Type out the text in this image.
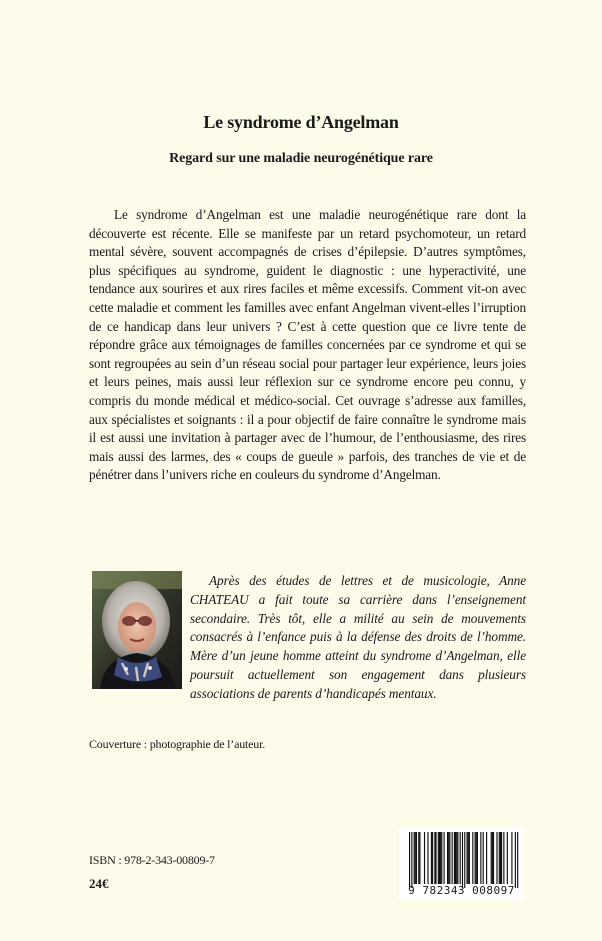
Le syndrome d’Angelman
Regard sur une maladie neurogénétique rare

Le syndrome d’Angelman est une maladie neurogénétique rare dont la découverte est récente. Elle se manifeste par un retard psychomoteur, un retard mental sévère, souvent accompagnés de crises d’épilepsie. D’autres symptômes, plus spécifiques au syndrome, guident le diagnostic : une hyperactivité, une tendance aux sourires et aux rires faciles et même excessifs. Comment vit-on avec cette maladie et comment les familles avec enfant Angelman vivent-elles l’irruption de ce handicap dans leur univers ? C’est à cette question que ce livre tente de répondre grâce aux témoignages de familles concernées par ce syndrome et qui se sont regroupées au sein d’un réseau social pour partager leur expérience, leurs joies et leurs peines, mais aussi leur réflexion sur ce syndrome encore peu connu, y compris du monde médical et médico-social. Cet ouvrage s’adresse aux familles, aux spécialistes et soignants : il a pour objectif de faire connaître le syndrome mais il est aussi une invitation à partager avec de l’humour, de l’enthousiasme, des rires mais aussi des larmes, des « coups de gueule » parfois, des tranches de vie et de pénétrer dans l’univers riche en couleurs du syndrome d’Angelman.

Après des études de lettres et de musicologie, Anne CHATEAU a fait toute sa carrière dans l’enseignement secondaire. Très tôt, elle a milité au sein de mouvements consacrés à l’enfance puis à la défense des droits de l’homme. Mère d’un jeune homme atteint du syndrome d’Angelman, elle poursuit actuellement son engagement dans plusieurs associations de parents d’handicapés mentaux.

Couverture : photographie de l’auteur.
ISBN : 978-2-343-00809-7
24€	9 782343 008097
